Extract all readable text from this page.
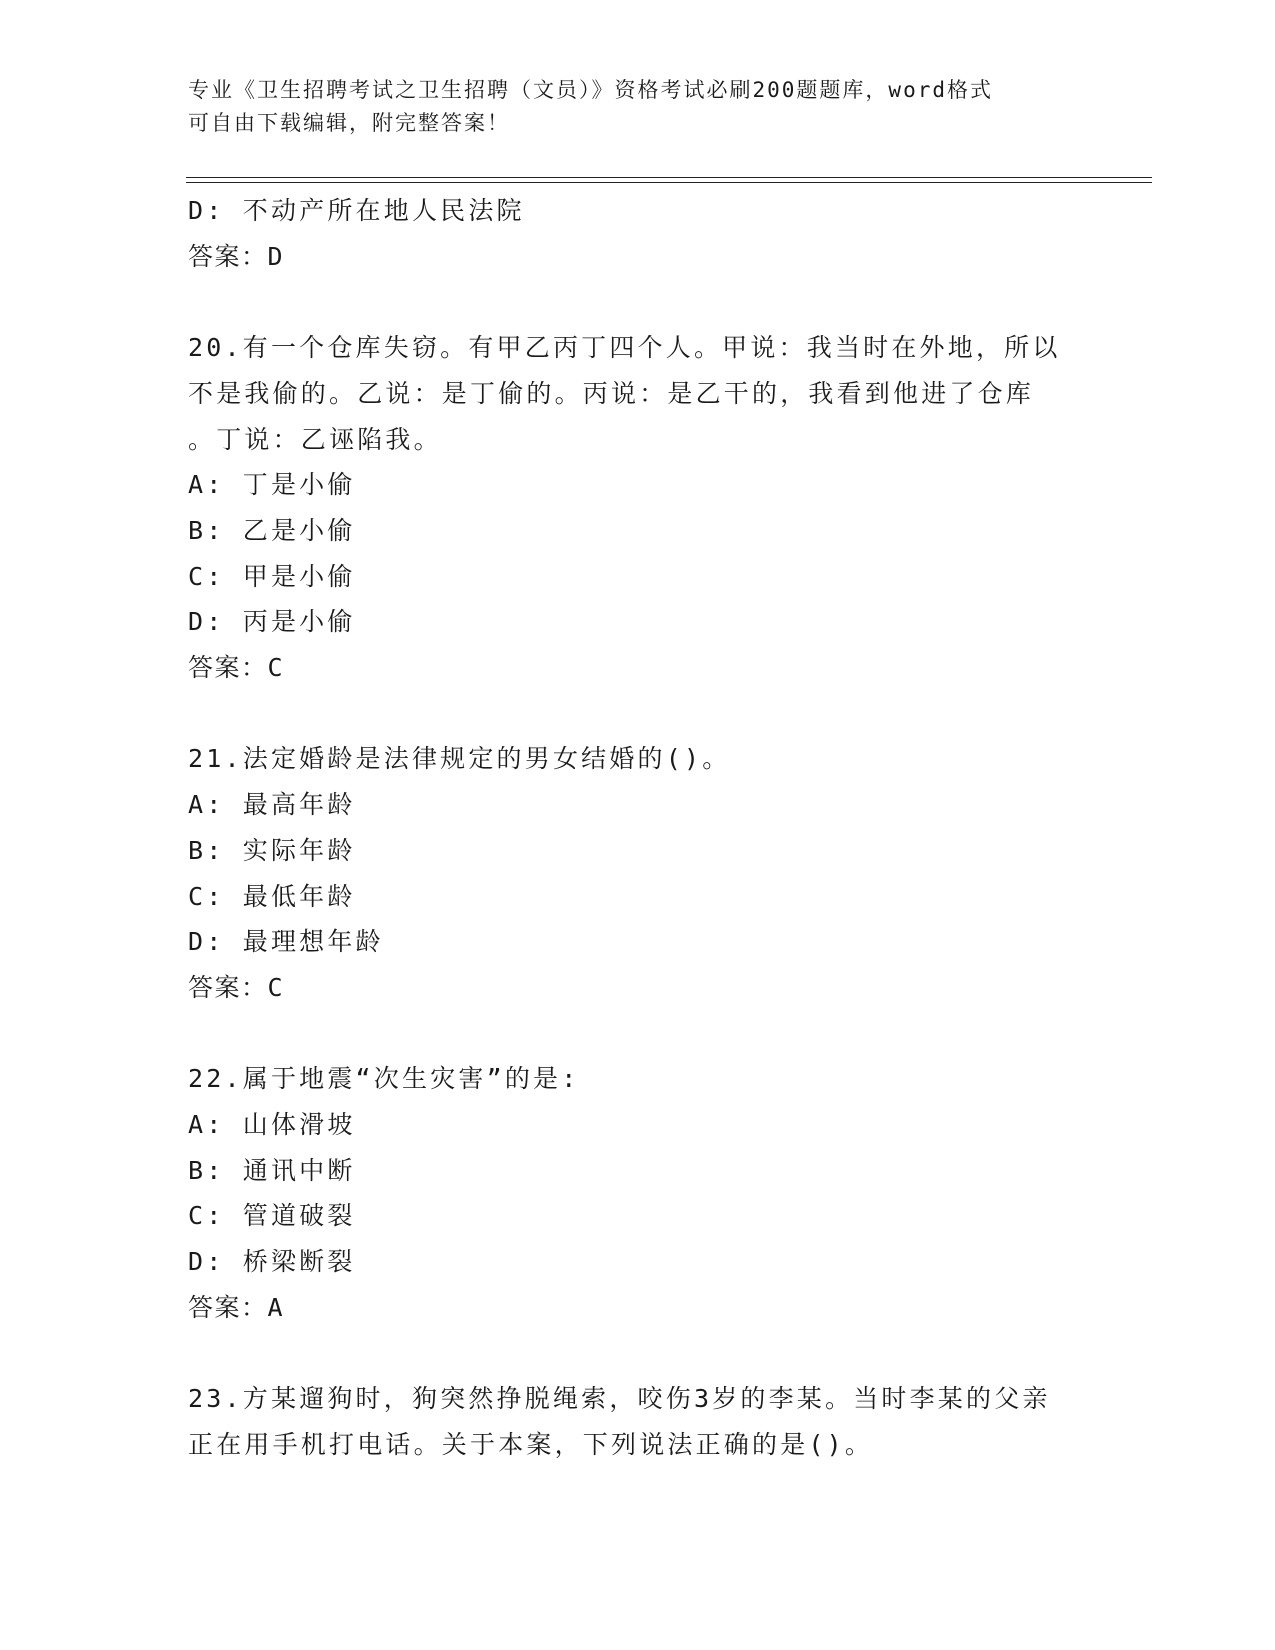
专业《卫生招聘考试之卫生招聘（文员）》资格考试必刷200题题库，word格式
可自由下载编辑，附完整答案！
D: 不动产所在地人民法院
答案：D
20.有一个仓库失窃。有甲乙丙丁四个人。甲说：我当时在外地，所以
不是我偷的。乙说：是丁偷的。丙说：是乙干的，我看到他进了仓库
。丁说：乙诬陷我。
A: 丁是小偷
B: 乙是小偷
C: 甲是小偷
D: 丙是小偷
答案：C
21.法定婚龄是法律规定的男女结婚的()。
A: 最高年龄
B: 实际年龄
C: 最低年龄
D: 最理想年龄
答案：C
22.属于地震“次生灾害”的是:
A: 山体滑坡
B: 通讯中断
C: 管道破裂
D: 桥梁断裂
答案：A
23.方某遛狗时，狗突然挣脱绳索，咬伤3岁的李某。当时李某的父亲
正在用手机打电话。关于本案，下列说法正确的是()。
